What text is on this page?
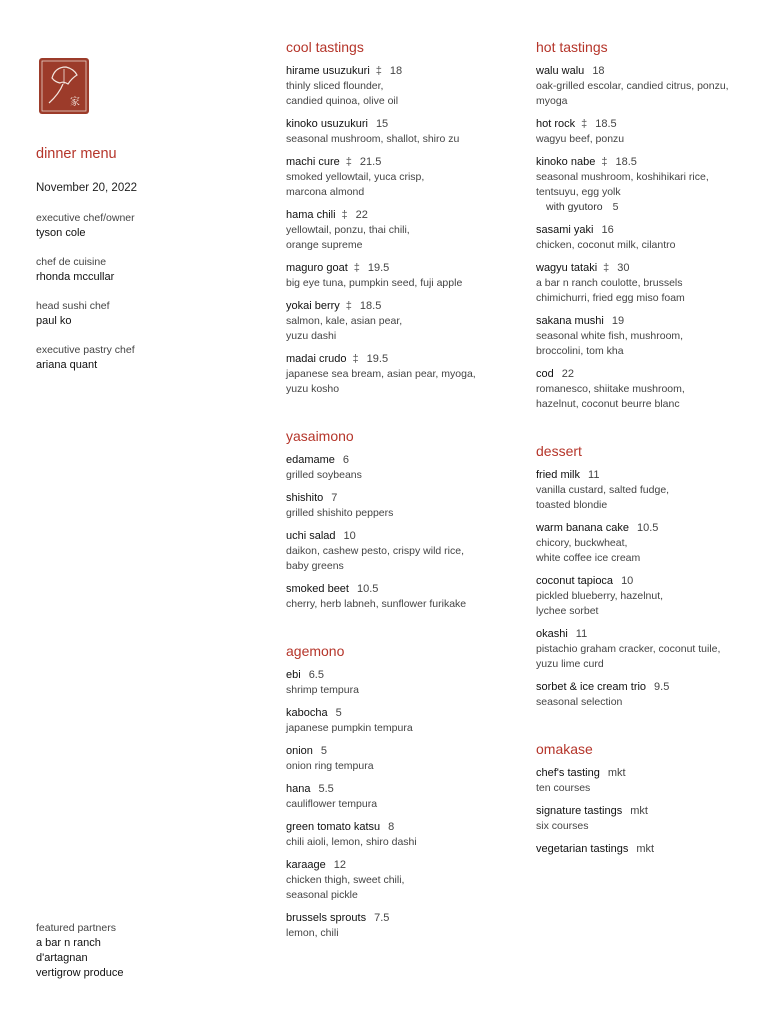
家
dinner menu
November 20, 2022
executive chef/owner
tyson cole
chef de cuisine
rhonda mccullar
head sushi chef
paul ko
executive pastry chef
ariana quant
featured partners
a bar n ranch
d'artagnan
vertigrow produce
cool tastings
hirame usuzukuri ‡ 18
thinly sliced flounder,
candied quinoa, olive oil
kinoko usuzukuri 15
seasonal mushroom, shallot, shiro zu
machi cure ‡ 21.5
smoked yellowtail, yuca crisp,
marcona almond
hama chili ‡ 22
yellowtail, ponzu, thai chili,
orange supreme
maguro goat ‡ 19.5
big eye tuna, pumpkin seed, fuji apple
yokai berry ‡ 18.5
salmon, kale, asian pear,
yuzu dashi
madai crudo ‡ 19.5
japanese sea bream, asian pear, myoga,
yuzu kosho
yasaimono
edamame 6
grilled soybeans
shishito 7
grilled shishito peppers
uchi salad 10
daikon, cashew pesto, crispy wild rice,
baby greens
smoked beet 10.5
cherry, herb labneh, sunflower furikake
agemono
ebi 6.5
shrimp tempura
kabocha 5
japanese pumpkin tempura
onion 5
onion ring tempura
hana 5.5
cauliflower tempura
green tomato katsu 8
chili aioli, lemon, shiro dashi
karaage 12
chicken thigh, sweet chili,
seasonal pickle
brussels sprouts 7.5
lemon, chili
hot tastings
walu walu 18
oak-grilled escolar, candied citrus, ponzu,
myoga
hot rock ‡ 18.5
wagyu beef, ponzu
kinoko nabe ‡ 18.5
seasonal mushroom, koshihikari rice,
tentsuyu, egg yolk
with gyutoro 5
sasami yaki 16
chicken, coconut milk, cilantro
wagyu tataki ‡ 30
a bar n ranch coulotte, brussels
chimichurri, fried egg miso foam
sakana mushi 19
seasonal white fish, mushroom,
broccolini, tom kha
cod 22
romanesco, shiitake mushroom,
hazelnut, coconut beurre blanc
dessert
fried milk 11
vanilla custard, salted fudge,
toasted blondie
warm banana cake 10.5
chicory, buckwheat,
white coffee ice cream
coconut tapioca 10
pickled blueberry, hazelnut,
lychee sorbet
okashi 11
pistachio graham cracker, coconut tuile,
yuzu lime curd
sorbet & ice cream trio 9.5
seasonal selection
omakase
chef's tasting mkt
ten courses
signature tastings mkt
six courses
vegetarian tastings mkt
